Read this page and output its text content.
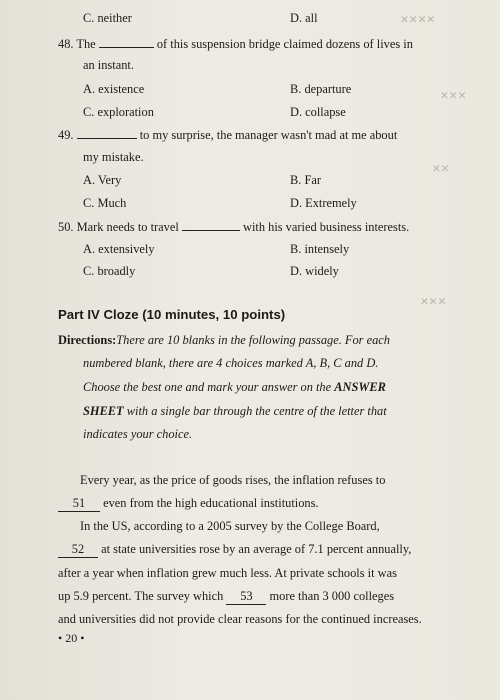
✕✕✕✕
✕✕✕
✕✕
✕✕✕
C. neither	D. all
48. The	of this suspension bridge claimed dozens of lives in
an instant.
A. existence	B. departure
C. exploration	D. collapse
49.	to my surprise, the manager wasn't mad at me about
my mistake.
A. Very	B. Far
C. Much	D. Extremely
50. Mark needs to travel	with his varied business interests.
A. extensively	B. intensely
C. broadly	D. widely
Part IV Cloze (10 minutes, 10 points)
Directions:There are 10 blanks in the following passage. For each
numbered blank, there are 4 choices marked A, B, C and D.
Choose the best one and mark your answer on the ANSWER
SHEET with a single bar through the centre of the letter that
indicates your choice.
Every year, as the price of goods rises, the inflation refuses to
51 even from the high educational institutions.
In the US, according to a 2005 survey by the College Board,
52 at state universities rose by an average of 7.1 percent annually,
after a year when inflation grew much less. At private schools it was
up 5.9 percent. The survey which 53 more than 3 000 colleges
and universities did not provide clear reasons for the continued increases.
• 20 •
